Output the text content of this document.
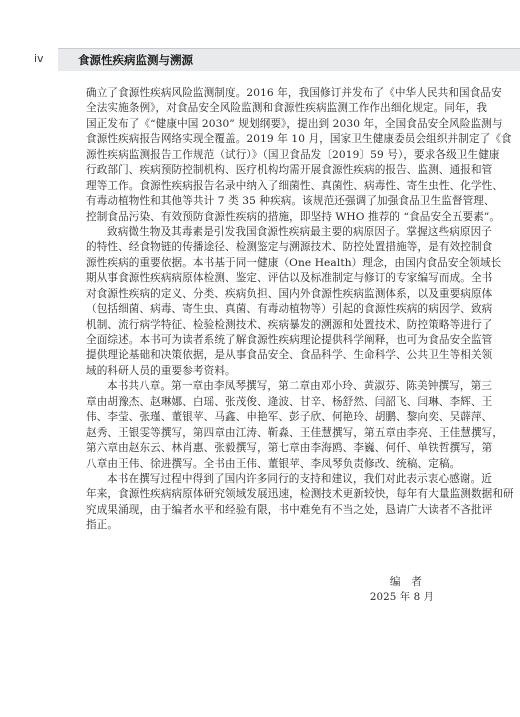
iv	食源性疾病监测与溯源
确立了食源性疾病风险监测制度。2016 年，我国修订并发布了《中华人民共和国食品安
全法实施条例》，对食品安全风险监测和食源性疾病监测工作作出细化规定。同年，我
国正发布了《“健康中国 2030” 规划纲要》，提出到 2030 年，全国食品安全风险监测与
食源性疾病报告网络实现全覆盖。2019 年 10 月，国家卫生健康委员会组织并制定了《食
源性疾病监测报告工作规范（试行）》（国卫食品发〔2019〕59 号），要求各级卫生健康
行政部门、疾病预防控制机构、医疗机构均需开展食源性疾病的报告、监测、通报和管
理等工作。食源性疾病报告名录中纳入了细菌性、真菌性、病毒性、寄生虫性、化学性、
有毒动植物性和其他等共计 7 类 35 种疾病。该规范还强调了加强食品卫生监督管理、
控制食品污染、有效预防食源性疾病的措施，即坚持 WHO 推荐的 “食品安全五要素”。
致病微生物及其毒素是引发我国食源性疾病最主要的病原因子。掌握这些病原因子
的特性、经食物链的传播途径、检测鉴定与溯源技术、防控处置措施等，是有效控制食
源性疾病的重要依据。本书基于同一健康（One Health）理念，由国内食品安全领域长
期从事食源性疾病病原体检测、鉴定、评估以及标准制定与修订的专家编写而成。全书
对食源性疾病的定义、分类、疾病负担、国内外食源性疾病监测体系，以及重要病原体
（包括细菌、病毒、寄生虫、真菌、有毒动植物等）引起的食源性疾病的病因学、致病
机制、流行病学特征、检验检测技术、疾病暴发的溯源和处置技术、防控策略等进行了
全面综述。本书可为读者系统了解食源性疾病理论提供科学阐释，也可为食品安全监管
提供理论基础和决策依据，是从事食品安全、食品科学、生命科学、公共卫生等相关领
域的科研人员的重要参考资料。
本书共八章。第一章由李凤琴撰写，第二章由邓小玲、黄淑芬、陈美钟撰写，第三
章由胡豫杰、赵琳娜、白瑶、张茂俊、逄波、甘辛、杨舒然、闫韶飞、闫琳、李辉、王
伟、李莹、张瑾、董银苹、马鑫、申艳军、彭子欣、何艳玲、胡鹏、黎向奕、吴薜萍、
赵秀、王银雯等撰写，第四章由江涛、靳淼、王佳慧撰写，第五章由李亮、王佳慧撰写，
第六章由赵东云、林肖惠、张毅撰写，第七章由李海鸥、李巍、何仟、单铁哲撰写，第
八章由王伟、徐进撰写。全书由王伟、董银苹、李凤琴负责修改、统稿、定稿。
本书在撰写过程中得到了国内许多同行的支持和建议，我们对此表示衷心感谢。近
年来，食源性疾病病原体研究领域发展迅速，检测技术更新较快，每年有大量监测数据和研
究成果涌现，由于编者水平和经验有限，书中难免有不当之处，恳请广大读者不吝批评
指正。
编　者
2025 年 8 月
